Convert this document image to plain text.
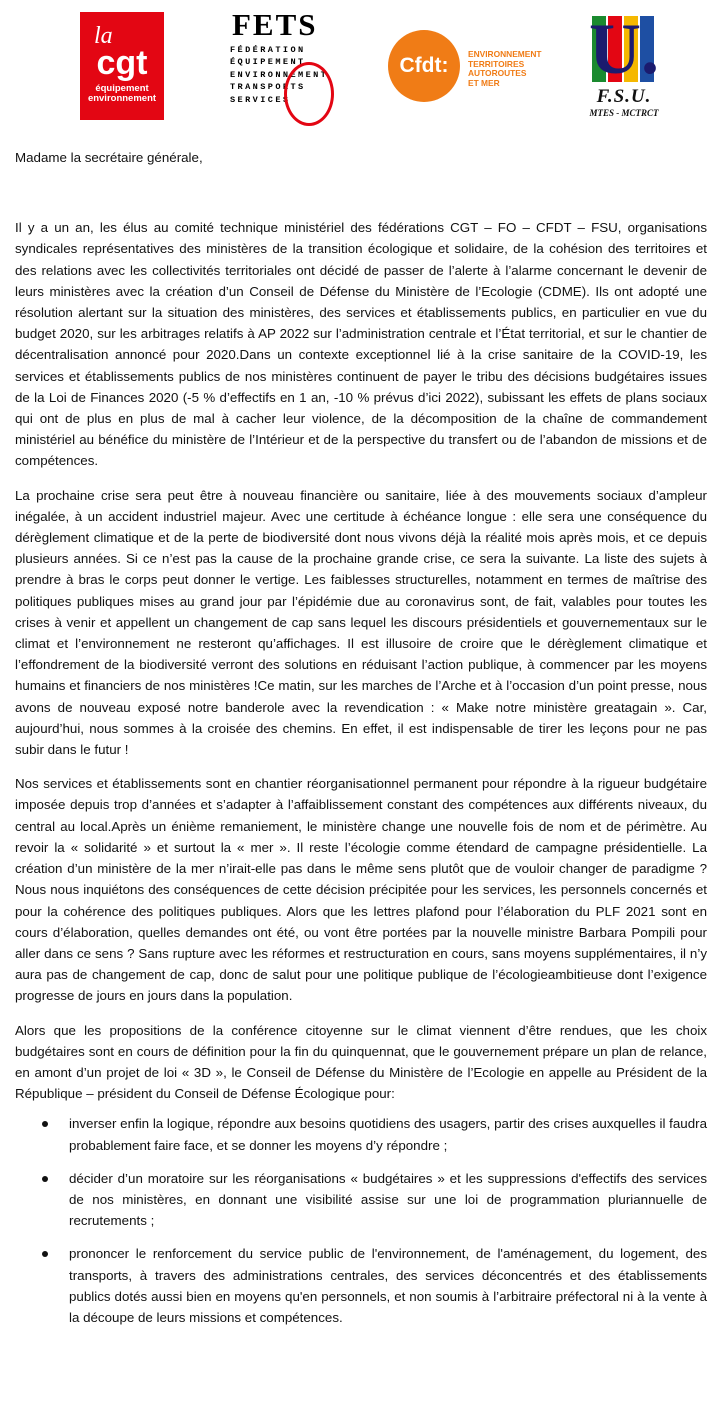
la
cgt
équipement
environnement
FETS
FÉDÉRATION
ÉQUIPEMENT
ENVIRONNEMENT
TRANSPORTS
SERVICES
Cfdt:	ENVIRONNEMENT
TERRITOIRES
AUTOROUTES
ET MER	U.
F.S.U.
MTES - MCTRCT

Madame la secrétaire générale,

Il y a un an, les élus au comité technique ministériel des fédérations CGT – FO – CFDT – FSU, organisations syndicales représentatives des ministères de la transition écologique et solidaire, de la cohésion des territoires et des relations avec les collectivités territoriales ont décidé de passer de l’alerte à l’alarme concernant le devenir de leurs ministères avec la création d’un Conseil de Défense du Ministère de l’Ecologie (CDME). Ils ont adopté une résolution alertant sur la situation des ministères, des services et établissements publics, en particulier en vue du budget 2020, sur les arbitrages relatifs à AP 2022 sur l’administration centrale et l’État territorial, et sur le chantier de décentralisation annoncé pour 2020.Dans un contexte exceptionnel lié à la crise sanitaire de la COVID-19, les services et établissements publics de nos ministères continuent de payer le tribu des décisions budgétaires issues de la Loi de Finances 2020 (-5 % d’effectifs en 1 an, -10 % prévus d’ici 2022), subissant les effets de plans sociaux qui ont de plus en plus de mal à cacher leur violence, de la décomposition de la chaîne de commandement ministériel au bénéfice du ministère de l’Intérieur et de la perspective du transfert ou de l’abandon de missions et de compétences.

La prochaine crise sera peut être à nouveau financière ou sanitaire, liée à des mouvements sociaux d’ampleur inégalée, à un accident industriel majeur. Avec une certitude à échéance longue : elle sera une conséquence du dérèglement climatique et de la perte de biodiversité dont nous vivons déjà la réalité mois après mois, et ce depuis plusieurs années. Si ce n’est pas la cause de la prochaine grande crise, ce sera la suivante. La liste des sujets à prendre à bras le corps peut donner le vertige. Les faiblesses structurelles, notamment en termes de maîtrise des politiques publiques mises au grand jour par l’épidémie due au coronavirus sont, de fait, valables pour toutes les crises à venir et appellent un changement de cap sans lequel les discours présidentiels et gouvernementaux sur le climat et l’environnement ne resteront qu’affichages. Il est illusoire de croire que le dérèglement climatique et l’effondrement de la biodiversité verront des solutions en réduisant l’action publique, à commencer par les moyens humains et financiers de nos ministères !Ce matin, sur les marches de l’Arche et à l’occasion d’un point presse, nous avons de nouveau exposé notre banderole avec la revendication : « Make notre ministère greatagain ». Car, aujourd’hui, nous sommes à la croisée des chemins. En effet, il est indispensable de tirer les leçons pour ne pas subir dans le futur !

Nos services et établissements sont en chantier réorganisationnel permanent pour répondre à la rigueur budgétaire imposée depuis trop d’années et s’adapter à l’affaiblissement constant des compétences aux différents niveaux, du central au local.Après un énième remaniement, le ministère change une nouvelle fois de nom et de périmètre. Au revoir la « solidarité » et surtout la « mer ». Il reste l’écologie comme étendard de campagne présidentielle. La création d’un ministère de la mer n’irait-elle pas dans le même sens plutôt que de vouloir changer de paradigme ? Nous nous inquiétons des conséquences de cette décision précipitée pour les services, les personnels concernés et pour la cohérence des politiques publiques. Alors que les lettres plafond pour l’élaboration du PLF 2021 sont en cours d’élaboration, quelles demandes ont été, ou vont être portées par la nouvelle ministre Barbara Pompili pour aller dans ce sens ? Sans rupture avec les réformes et restructuration en cours, sans moyens supplémentaires, il n’y aura pas de changement de cap, donc de salut pour une politique publique de l’écologieambitieuse dont l’exigence progresse de jours en jours dans la population.

Alors que les propositions de la conférence citoyenne sur le climat viennent d’être rendues, que les choix budgétaires sont en cours de définition pour la fin du quinquennat, que le gouvernement prépare un plan de relance, en amont d’un projet de loi « 3D », le Conseil de Défense du Ministère de l’Ecologie en appelle au Président de la République – président du Conseil de Défense Écologique pour:

inverser enfin la logique, répondre aux besoins quotidiens des usagers, partir des crises auxquelles il faudra probablement faire face, et se donner les moyens d’y répondre ;
décider d’un moratoire sur les réorganisations « budgétaires » et les suppressions d'effectifs des services de nos ministères, en donnant une visibilité assise sur une loi de programmation pluriannuelle de recrutements ;
prononcer le renforcement du service public de l'environnement, de l'aménagement, du logement, des transports, à travers des administrations centrales, des services déconcentrés et des établissements publics dotés aussi bien en moyens qu'en personnels, et non soumis à l’arbitraire préfectoral ni à la vente à la découpe de leurs missions et compétences.
